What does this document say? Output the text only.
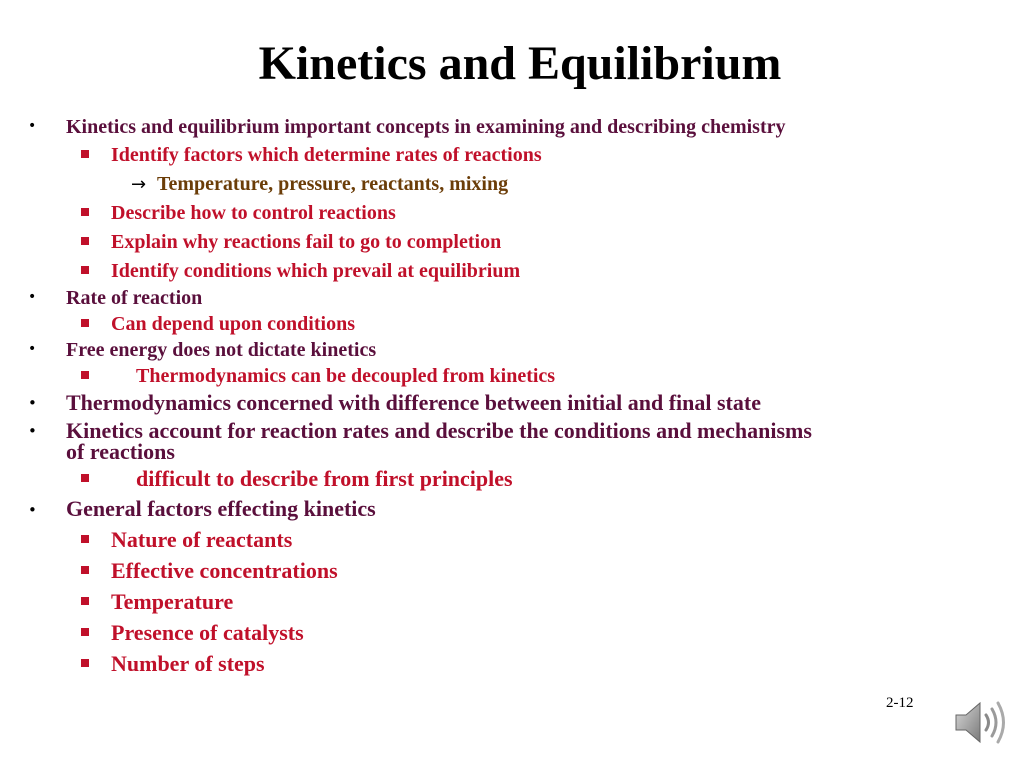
Kinetics and Equilibrium
• Kinetics and equilibrium important concepts in examining and describing chemistry
Identify factors which determine rates of reactions
→ Temperature, pressure, reactants, mixing
Describe how to control reactions
Explain why reactions fail to go to completion
Identify conditions which prevail at equilibrium
• Rate of reaction
Can depend upon conditions
• Free energy does not dictate kinetics
Thermodynamics can be decoupled from kinetics
• Thermodynamics concerned with difference between initial and final state
• Kinetics account for reaction rates and describe the conditions and mechanisms
of reactions
difficult to describe from first principles
• General factors effecting kinetics
Nature of reactants
Effective concentrations
Temperature
Presence of catalysts
Number of steps
2-12
